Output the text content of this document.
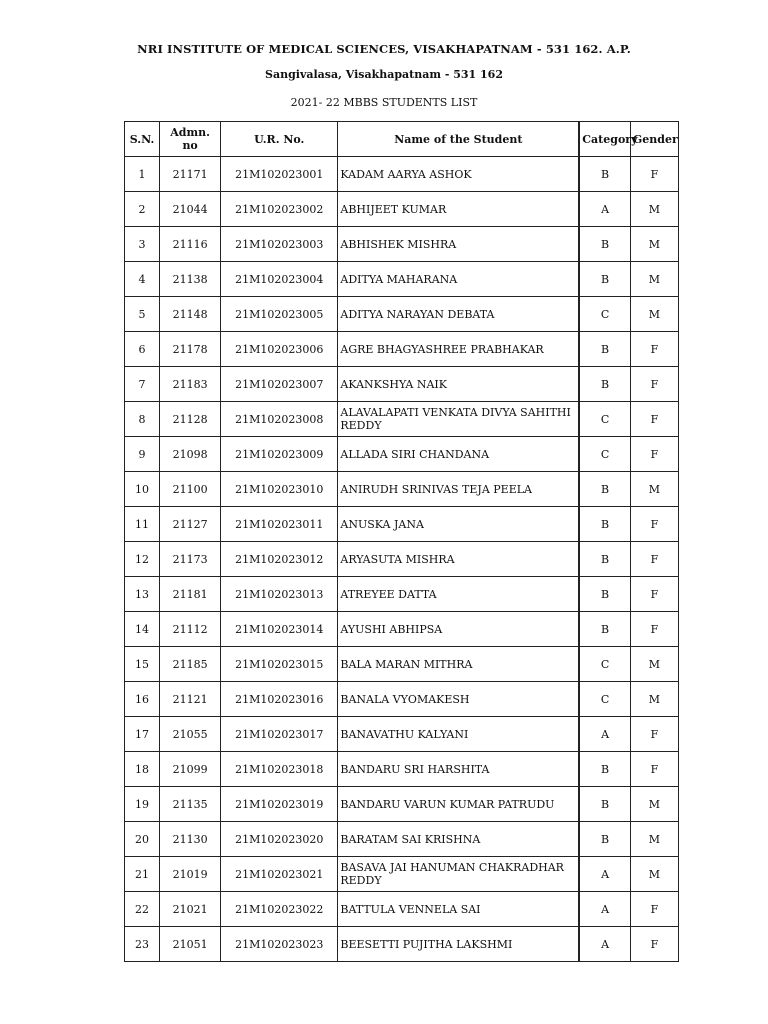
NRI INSTITUTE OF MEDICAL SCIENCES, VISAKHAPATNAM - 531 162. A.P.
Sangivalasa, Visakhapatnam - 531 162
2021- 22 MBBS STUDENTS LIST
S.N.	Admn. no	U.R. No.	Name of the Student	Category	Gender
1	21171	21M102023001	KADAM AARYA ASHOK	B	F
2	21044	21M102023002	ABHIJEET KUMAR	A	M
3	21116	21M102023003	ABHISHEK MISHRA	B	M
4	21138	21M102023004	ADITYA MAHARANA	B	M
5	21148	21M102023005	ADITYA NARAYAN DEBATA	C	M
6	21178	21M102023006	AGRE BHAGYASHREE PRABHAKAR	B	F
7	21183	21M102023007	AKANKSHYA NAIK	B	F
8	21128	21M102023008	ALAVALAPATI VENKATA DIVYA SAHITHI REDDY	C	F
9	21098	21M102023009	ALLADA SIRI CHANDANA	C	F
10	21100	21M102023010	ANIRUDH SRINIVAS TEJA PEELA	B	M
11	21127	21M102023011	ANUSKA JANA	B	F
12	21173	21M102023012	ARYASUTA MISHRA	B	F
13	21181	21M102023013	ATREYEE DATTA	B	F
14	21112	21M102023014	AYUSHI ABHIPSA	B	F
15	21185	21M102023015	BALA MARAN MITHRA	C	M
16	21121	21M102023016	BANALA VYOMAKESH	C	M
17	21055	21M102023017	BANAVATHU KALYANI	A	F
18	21099	21M102023018	BANDARU SRI HARSHITA	B	F
19	21135	21M102023019	BANDARU VARUN KUMAR PATRUDU	B	M
20	21130	21M102023020	BARATAM SAI KRISHNA	B	M
21	21019	21M102023021	BASAVA JAI HANUMAN CHAKRADHAR REDDY	A	M
22	21021	21M102023022	BATTULA VENNELA SAI	A	F
23	21051	21M102023023	BEESETTI PUJITHA LAKSHMI	A	F
